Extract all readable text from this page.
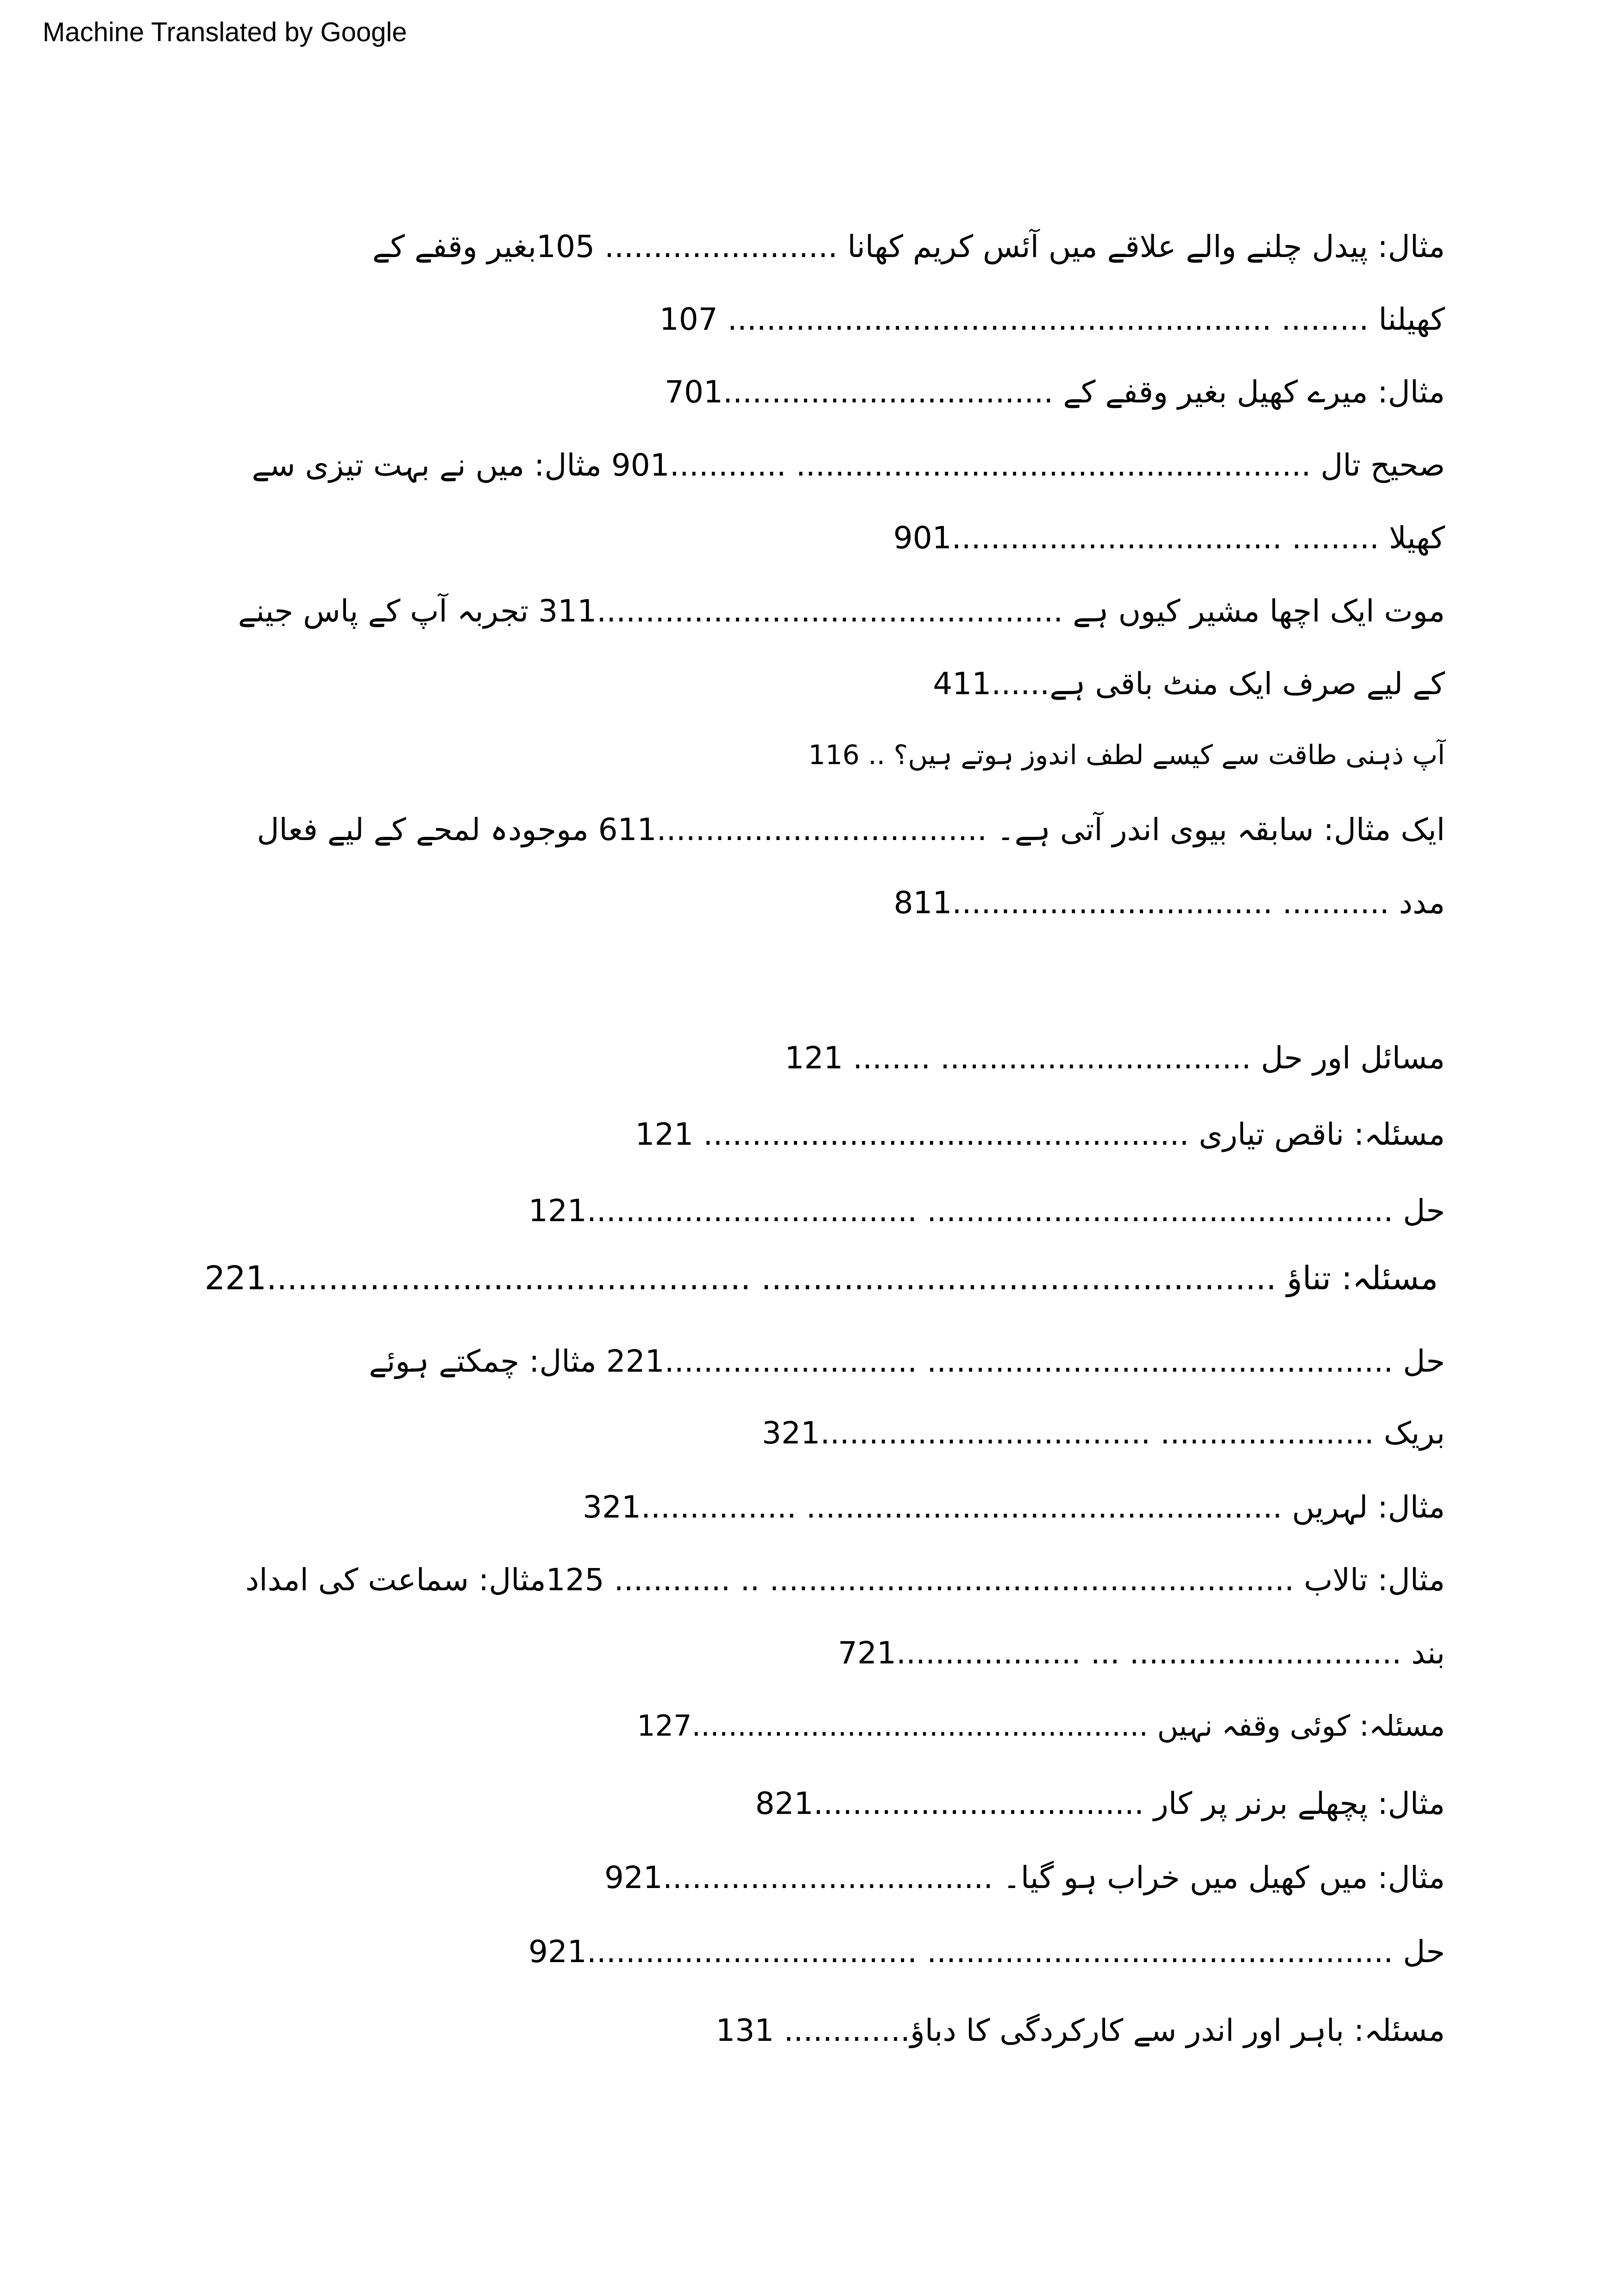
Machine Translated by Google
مثال: پیدل چلنے والے علاقے میں آئس کریم کھانا ........................ 105بغیر وقفے کے
کھیلنا ......... ........................................................ 107
مثال: میرے کھیل بغیر وقفے کے ..................................701
صحیح تال ..................................................... ............901 مثال: میں نے بہت تیزی سے
کھیلا ......... ..................................901
موت ایک اچھا مشیر کیوں ہے ................................................311 تجربہ آپ کے پاس جینے
کے لیے صرف ایک منٹ باقی ہے......411
آپ ذہنی طاقت سے کیسے لطف اندوز ہوتے ہیں؟ .. 116
ایک مثال: سابقہ بیوی اندر آتی ہے۔ ..................................611 موجودہ لمحے کے لیے فعال
مدد ........... .................................811
مسائل اور حل ................................ ........ 121
مسئلہ: ناقص تیاری .................................................. 121
حل ................................................ ..................................121
مسئلہ: تناؤ .................................................. ...............................................221
حل ................................................ ..........................221 مثال: چمکتے ہوئے
بریک ...................... ..................................321
مثال: لہریں ................................................. ................321
مثال: تالاب ...................................................... .. ............ 125مثال: سماعت کی امداد
بند ............................ ... ...................721
مسئلہ: کوئی وقفہ نہیں ..................................................127
مثال: پچھلے برنر پر کار ..................................821
مثال: میں کھیل میں خراب ہو گیا۔ ..................................921
حل ................................................ ..................................921
مسئلہ: باہر اور اندر سے کارکردگی کا دباؤ............. 131
